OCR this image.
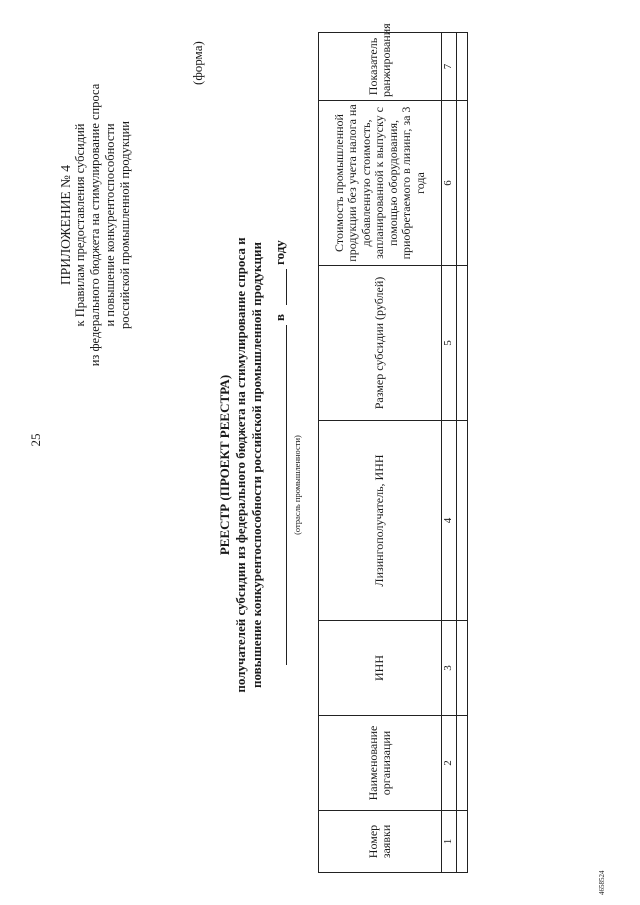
25
ПРИЛОЖЕНИЕ № 4 к Правилам предоставления субсидий из федерального бюджета на стимулирование спроса и повышение конкурентоспособности российской промышленной продукции
(форма)
РЕЕСТР (ПРОЕКТ РЕЕСТРА) получателей субсидии из федерального бюджета на стимулирование спроса и повышение конкурентоспособности российской промышленной продукции в
году
(отрасль промышленности)
Номер заявки	Наименование организации	ИНН	Лизингополучатель, ИНН	Размер субсидии (рублей)	Стоимость промышленной продукции без учета налога на добавленную стоимость, запланированной к выпуску с помощью оборудования, приобретаемого в лизинг, за 3 года	Показатель ранжирования
1	2	3	4	5	6	7

4658524
